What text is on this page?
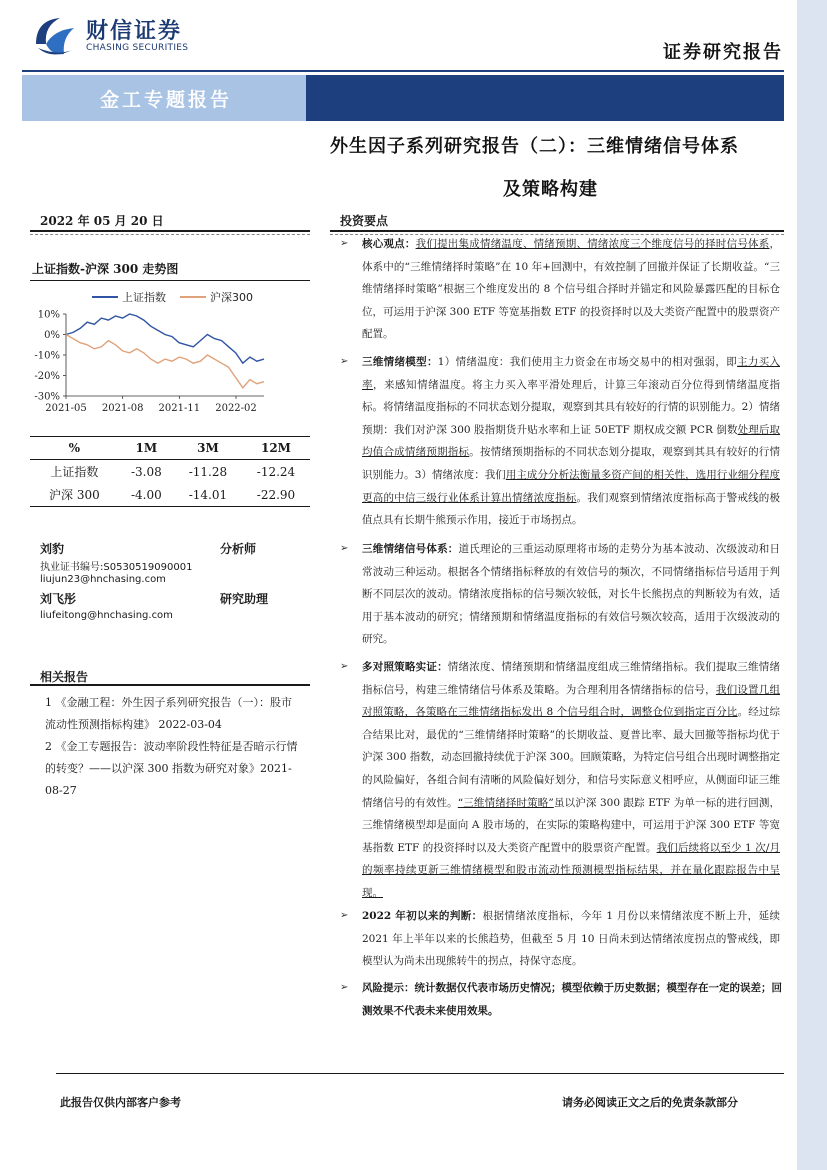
财信证券
CHASING SECURITIES	证券研究报告
金工专题报告
外生因子系列研究报告（二）：三维情绪信号体系
及策略构建
2022 年 05 月 20 日
上证指数-沪深 300 走势图
10%
0%
-10%
-20%
-30%
2021-05 2021-08 2021-11 2022-02
上证指数	沪深300
%	1M	3M	12M
上证指数	-3.08	-11.28	-12.24
沪深 300	-4.00	-14.01	-22.90
刘豹	分析师
执业证书编号:S0530519090001
liujun23@hnchasing.com
刘飞彤	研究助理
liufeitong@hnchasing.com
相关报告
1 《金融工程：外生因子系列研究报告（一）：股市流动性预测指标构建》 2022-03-04
2 《金工专题报告：波动率阶段性特征是否暗示行情的转变？——以沪深 300 指数为研究对象》2021-08-27
投资要点
➢ 核心观点：我们提出集成情绪温度、情绪预期、情绪浓度三个维度信号的择时信号体系，体系中的“三维情绪择时策略”在 10 年+回测中，有效控制了回撤并保证了长期收益。“三维情绪择时策略”根据三个维度发出的 8 个信号组合择时并锚定和风险暴露匹配的目标仓位，可运用于沪深 300 ETF 等宽基指数 ETF 的投资择时以及大类资产配置中的股票资产配置。
➢ 三维情绪模型：1）情绪温度：我们使用主力资金在市场交易中的相对强弱，即主力买入率，来感知情绪温度。将主力买入率平滑处理后，计算三年滚动百分位得到情绪温度指标。将情绪温度指标的不同状态划分提取，观察到其具有较好的行情的识别能力。2）情绪预期：我们对沪深 300 股指期货升贴水率和上证 50ETF 期权成交额 PCR 倒数处理后取均值合成情绪预期指标。按情绪预期指标的不同状态划分提取，观察到其具有较好的行情识别能力。3）情绪浓度：我们用主成分分析法衡量多资产间的相关性，选用行业细分程度更高的中信三级行业体系计算出情绪浓度指标。我们观察到情绪浓度指标高于警戒线的极值点具有长期牛熊预示作用，接近于市场拐点。
➢ 三维情绪信号体系：道氏理论的三重运动原理将市场的走势分为基本波动、次级波动和日常波动三种运动。根据各个情绪指标释放的有效信号的频次，不同情绪指标信号适用于判断不同层次的波动。情绪浓度指标的信号频次较低，对长牛长熊拐点的判断较为有效，适用于基本波动的研究；情绪预期和情绪温度指标的有效信号频次较高，适用于次级波动的研究。
➢ 多对照策略实证：情绪浓度、情绪预期和情绪温度组成三维情绪指标。我们提取三维情绪指标信号，构建三维情绪信号体系及策略。为合理利用各情绪指标的信号，我们设置几组对照策略，各策略在三维情绪指标发出 8 个信号组合时，调整仓位到指定百分比。经过综合结果比对，最优的“三维情绪择时策略”的长期收益、夏普比率、最大回撤等指标均优于沪深 300 指数，动态回撤持续优于沪深 300。回顾策略，为特定信号组合出现时调整指定的风险偏好，各组合间有清晰的风险偏好划分，和信号实际意义相呼应，从侧面印证三维情绪信号的有效性。“三维情绪择时策略”虽以沪深 300 跟踪 ETF 为单一标的进行回测，三维情绪模型却是面向 A 股市场的，在实际的策略构建中，可运用于沪深 300 ETF 等宽基指数 ETF 的投资择时以及大类资产配置中的股票资产配置。我们后续将以至少 1 次/月的频率持续更新三维情绪模型和股市流动性预测模型指标结果，并在量化跟踪报告中呈现。
➢ 2022 年初以来的判断：根据情绪浓度指标，今年 1 月份以来情绪浓度不断上升，延续 2021 年上半年以来的长熊趋势，但截至 5 月 10 日尚未到达情绪浓度拐点的警戒线，即模型认为尚未出现熊转牛的拐点，持保守态度。
➢ 风险提示：统计数据仅代表市场历史情况；模型依赖于历史数据；模型存在一定的误差；回测效果不代表未来使用效果。
此报告仅供内部客户参考	请务必阅读正文之后的免责条款部分
